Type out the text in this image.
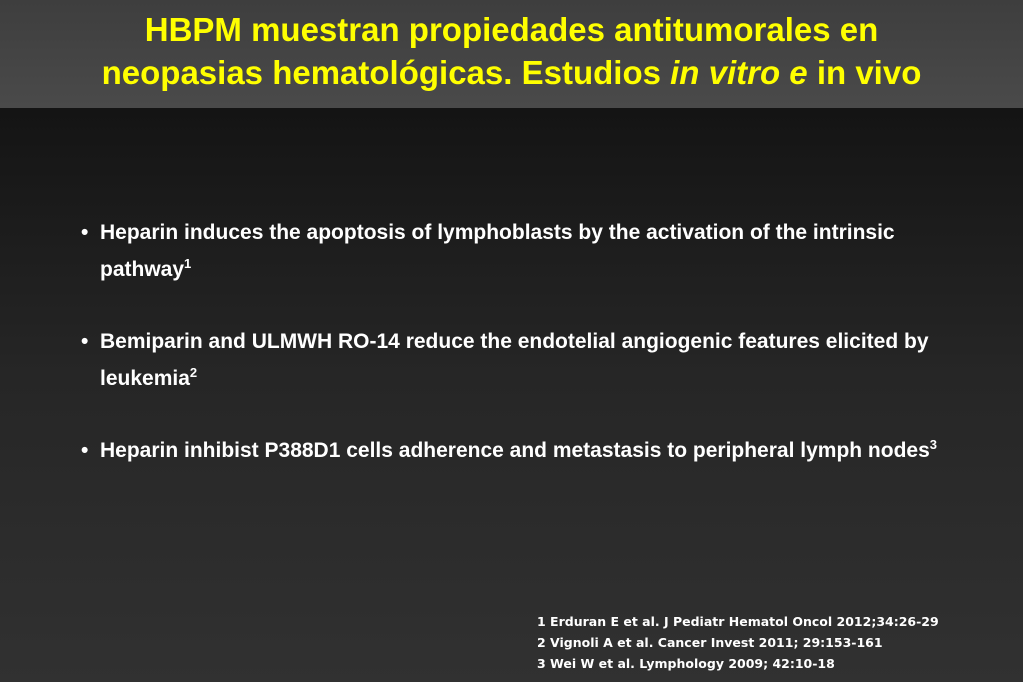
HBPM muestran propiedades antitumorales en
neopasias hematológicas. Estudios in vitro e in vivo
• Heparin induces the apoptosis of lymphoblasts by the activation of the intrinsic pathway$^1$
• Bemiparin and ULMWH RO-14 reduce the endotelial angiogenic features elicited by leukemia$^2$
• Heparin inhibist P388D1 cells adherence and metastasis to peripheral lymph nodes$^3$
1 Erduran E et al. J Pediatr Hematol Oncol 2012;34:26-29
2 Vignoli A et al. Cancer Invest 2011; 29:153-161
3 Wei W et al. Lymphology 2009; 42:10-18
